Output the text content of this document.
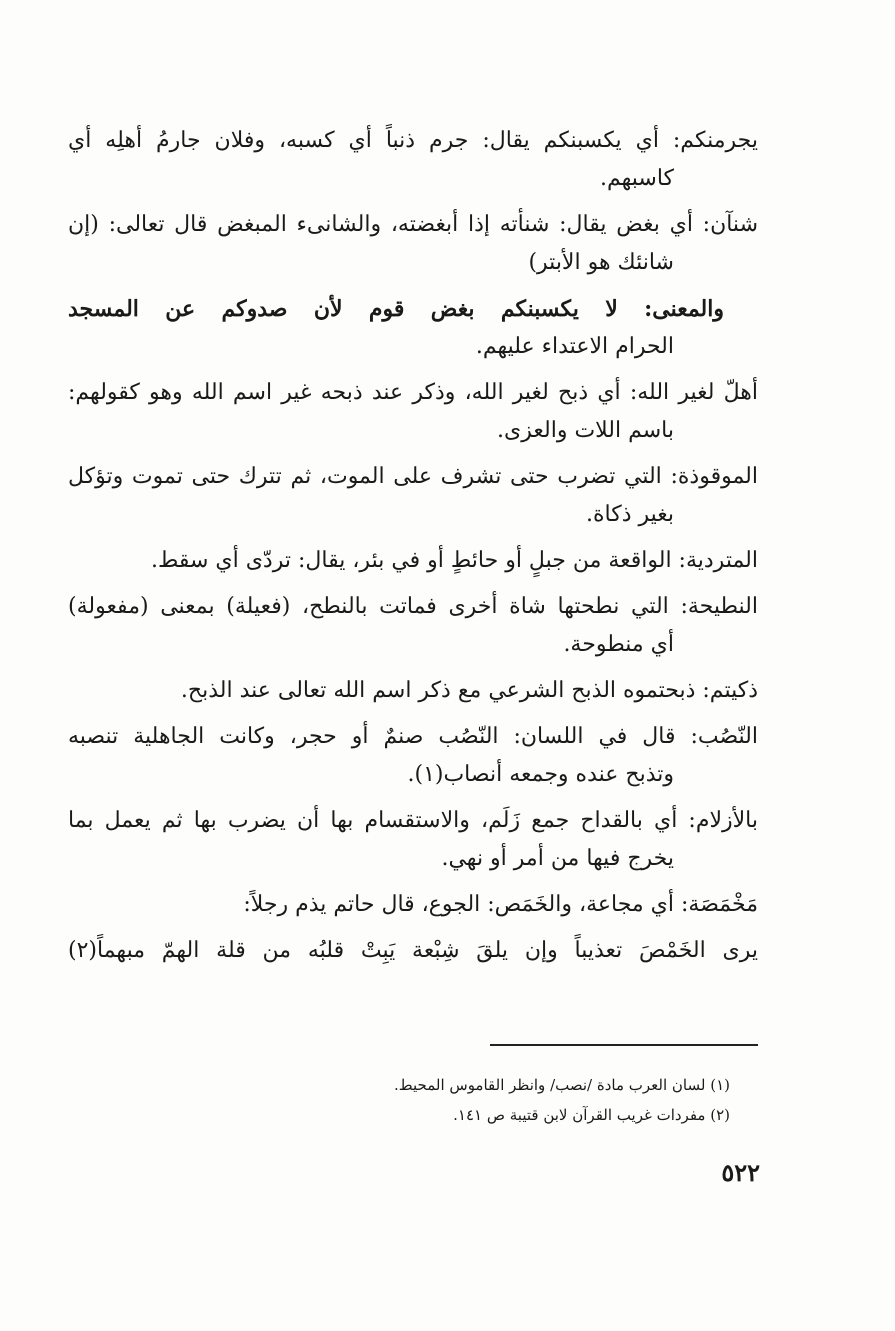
يجرمنكم: أي يكسبنكم يقال: جرم ذنباً أي كسبه، وفلان جارمُ أهلِه أي
كاسبهم.
شنآن: أي بغض يقال: شنأته إذا أبغضته، والشانىء المبغض قال تعالى: (إن
شانئك هو الأبتر)
والمعنى: لا يكسبنكم بغض قوم لأن صدوكم عن المسجد
الحرام الاعتداء عليهم.
أهلّ لغير الله: أي ذبح لغير الله، وذكر عند ذبحه غير اسم الله وهو كقولهم:
باسم اللات والعزى.
الموقوذة: التي تضرب حتى تشرف على الموت، ثم تترك حتى تموت وتؤكل
بغير ذكاة.
المتردية: الواقعة من جبلٍ أو حائطٍ أو في بئر، يقال: تردّى أي سقط.
النطيحة: التي نطحتها شاة أخرى فماتت بالنطح، (فعيلة) بمعنى (مفعولة)
أي منطوحة.
ذكيتم: ذبحتموه الذبح الشرعي مع ذكر اسم الله تعالى عند الذبح.
النّصُب: قال في اللسان: النّصُب صنمٌ أو حجر، وكانت الجاهلية تنصبه
وتذبح عنده وجمعه أنصاب(١).
بالأزلام: أي بالقداح جمع زَلَم، والاستقسام بها أن يضرب بها ثم يعمل بما
يخرج فيها من أمر أو نهي.
مَخْمَصَة: أي مجاعة، والخَمَص: الجوع، قال حاتم يذم رجلاً:
يرى الخَمْصَ تعذيباً وإن يلقَ شِبْعة يَبِتْ قلبُه من قلة الهمّ مبهماً(٢)
(١) لسان العرب مادة /نصب/ وانظر القاموس المحيط.
(٢) مفردات غريب القرآن لابن قتيبة ص ١٤١.
٥٢٢
